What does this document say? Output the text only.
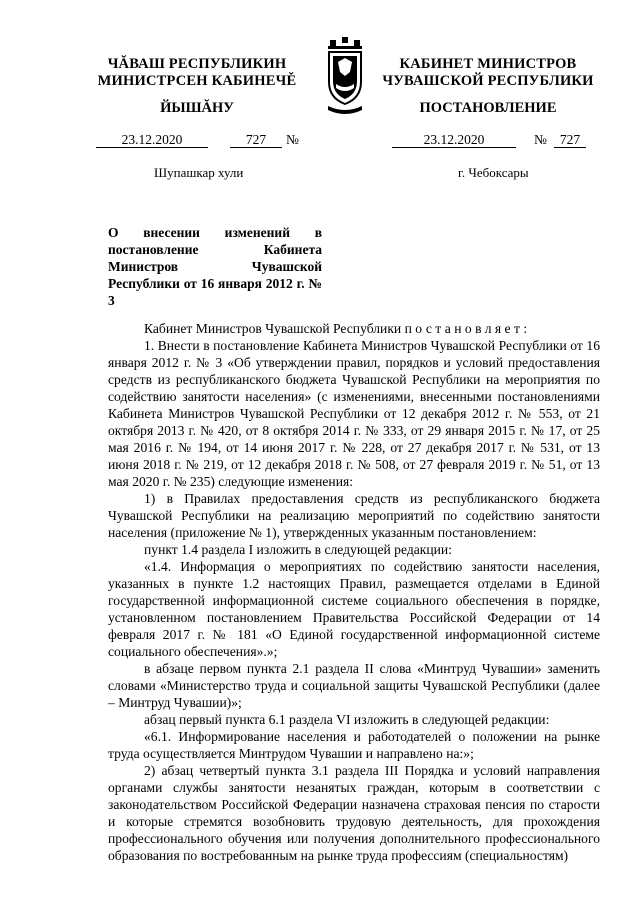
ЧĂВАШ РЕСПУБЛИКИН
МИНИСТРСЕН КАБИНЕЧĚ
ЙЫШĂНУ
КАБИНЕТ МИНИСТРОВ
ЧУВАШСКОЙ РЕСПУБЛИКИ
ПОСТАНОВЛЕНИЕ
23.12.2020	727	№	23.12.2020	№ 727
Шупашкар хули	г. Чебоксары
О внесении изменений в постановление Кабинета Министров Чувашской Республики от 16 января 2012 г. № 3

Кабинет Министров Чувашской Республики постановляет:

1. Внести в постановление Кабинета Министров Чувашской Республики от 16 января 2012 г. № 3 «Об утверждении правил, порядков и условий предоставления средств из республиканского бюджета Чувашской Республики на мероприятия по содействию занятости населения» (с изменениями, внесенными постановлениями Кабинета Министров Чувашской Республики от 12 декабря 2012 г. № 553, от 21 октября 2013 г. № 420, от 8 октября 2014 г. № 333, от 29 января 2015 г. № 17, от 25 мая 2016 г. № 194, от 14 июня 2017 г. № 228, от 27 декабря 2017 г. № 531, от 13 июня 2018 г. № 219, от 12 декабря 2018 г. № 508, от 27 февраля 2019 г. № 51, от 13 мая 2020 г. № 235) следующие изменения:

1) в Правилах предоставления средств из республиканского бюджета Чувашской Республики на реализацию мероприятий по содействию занятости населения (приложение № 1), утвержденных указанным постановлением:

пункт 1.4 раздела I изложить в следующей редакции:

«1.4. Информация о мероприятиях по содействию занятости населения, указанных в пункте 1.2 настоящих Правил, размещается отделами в Единой государственной информационной системе социального обеспечения в порядке, установленном постановлением Правительства Российской Федерации от 14 февраля 2017 г. № 181 «О Единой государственной информационной системе социального обеспечения».»;

в абзаце первом пункта 2.1 раздела II слова «Минтруд Чувашии» заменить словами «Министерство труда и социальной защиты Чувашской Республики (далее – Минтруд Чувашии)»;

абзац первый пункта 6.1 раздела VI изложить в следующей редакции:

«6.1. Информирование населения и работодателей о положении на рынке труда осуществляется Минтрудом Чувашии и направлено на:»;

2) абзац четвертый пункта 3.1 раздела III Порядка и условий направления органами службы занятости незанятых граждан, которым в соответствии с законодательством Российской Федерации назначена страховая пенсия по старости и которые стремятся возобновить трудовую деятельность, для прохождения профессионального обучения или получения дополнительного профессионального образования по востребованным на рынке труда профессиям (специальностям)
